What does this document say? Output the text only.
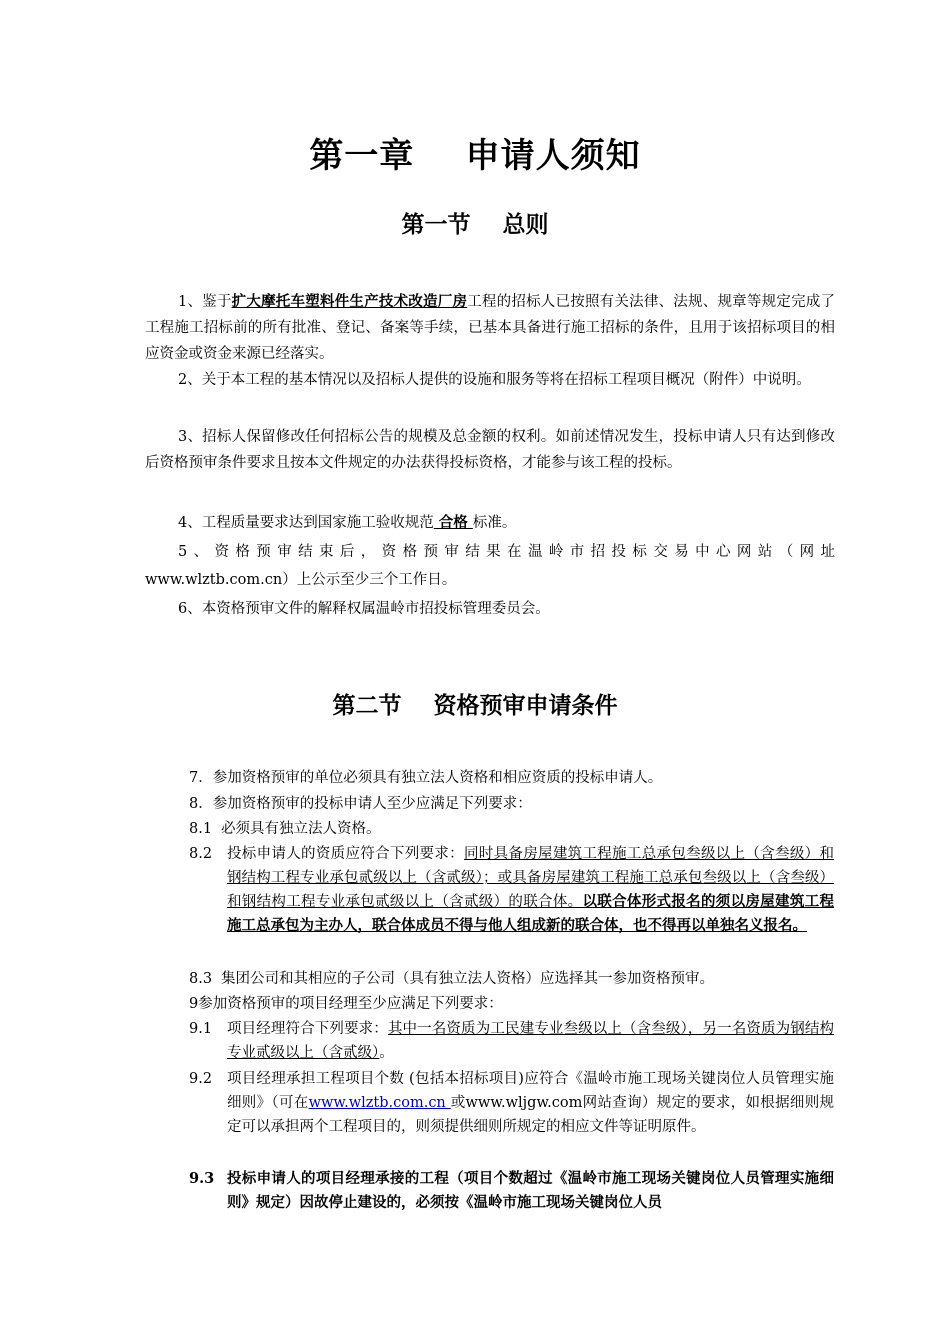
第一章    申请人须知
第一节    总则
1、鉴于扩大摩托车塑料件生产技术改造厂房工程的招标人已按照有关法律、法规、规章等规定完成了工程施工招标前的所有批准、登记、备案等手续，已基本具备进行施工招标的条件，且用于该招标项目的相应资金或资金来源已经落实。
2、关于本工程的基本情况以及招标人提供的设施和服务等将在招标工程项目概况（附件）中说明。
3、招标人保留修改任何招标公告的规模及总金额的权利。如前述情况发生，投标申请人只有达到修改后资格预审条件要求且按本文件规定的办法获得投标资格，才能参与该工程的投标。
4、工程质量要求达到国家施工验收规范 合格 标准。
5、资格预审结束后，资格预审结果在温岭市招投标交易中心网站（网址
www.wlztb.com.cn）上公示至少三个工作日。
6、本资格预审文件的解释权属温岭市招投标管理委员会。
第二节    资格预审申请条件
7．参加资格预审的单位必须具有独立法人资格和相应资质的投标申请人。
8．参加资格预审的投标申请人至少应满足下列要求：
8.1 必须具有独立法人资格。
8.2 投标申请人的资质应符合下列要求：同时具备房屋建筑工程施工总承包叁级以上（含叁级）和钢结构工程专业承包贰级以上（含贰级）；或具备房屋建筑工程施工总承包叁级以上（含叁级）和钢结构工程专业承包贰级以上（含贰级）的联合体。以联合体形式报名的须以房屋建筑工程施工总承包为主办人，联合体成员不得与他人组成新的联合体，也不得再以单独名义报名。
8.3 集团公司和其相应的子公司（具有独立法人资格）应选择其一参加资格预审。
9参加资格预审的项目经理至少应满足下列要求：
9.1 项目经理符合下列要求：其中一名资质为工民建专业叁级以上（含叁级），另一名资质为钢结构专业贰级以上（含贰级）。
9.2 项目经理承担工程项目个数 (包括本招标项目)应符合《温岭市施工现场关键岗位人员管理实施细则》（可在www.wlztb.com.cn 或www.wljgw.com网站查询）规定的要求，如根据细则规定可以承担两个工程项目的，则须提供细则所规定的相应文件等证明原件。
9.3 投标申请人的项目经理承接的工程（项目个数超过《温岭市施工现场关键岗位人员管理实施细则》规定）因故停止建设的，必须按《温岭市施工现场关键岗位人员
